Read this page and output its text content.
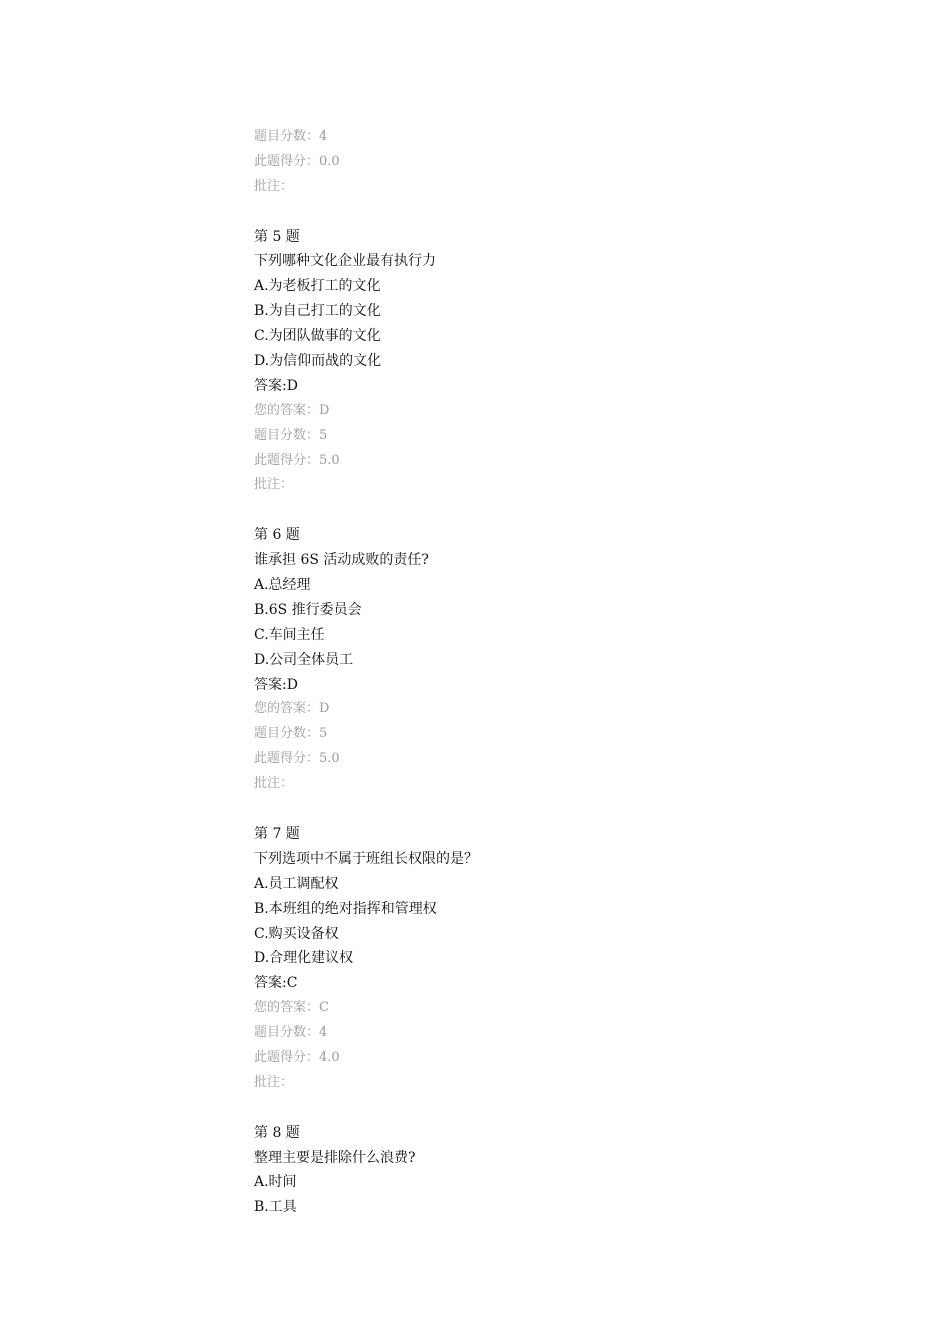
题目分数：4
此题得分：0.0
批注：
第 5 题
下列哪种文化企业最有执行力
A.为老板打工的文化
B.为自己打工的文化
C.为团队做事的文化
D.为信仰而战的文化
答案:D
您的答案：D
题目分数：5
此题得分：5.0
批注：
第 6 题
谁承担 6S 活动成败的责任?
A.总经理
B.6S 推行委员会
C.车间主任
D.公司全体员工
答案:D
您的答案：D
题目分数：5
此题得分：5.0
批注：
第 7 题
下列选项中不属于班组长权限的是？
A.员工调配权
B.本班组的绝对指挥和管理权
C.购买设备权
D.合理化建议权
答案:C
您的答案：C
题目分数：4
此题得分：4.0
批注：
第 8 题
整理主要是排除什么浪费?
A.时间
B.工具
